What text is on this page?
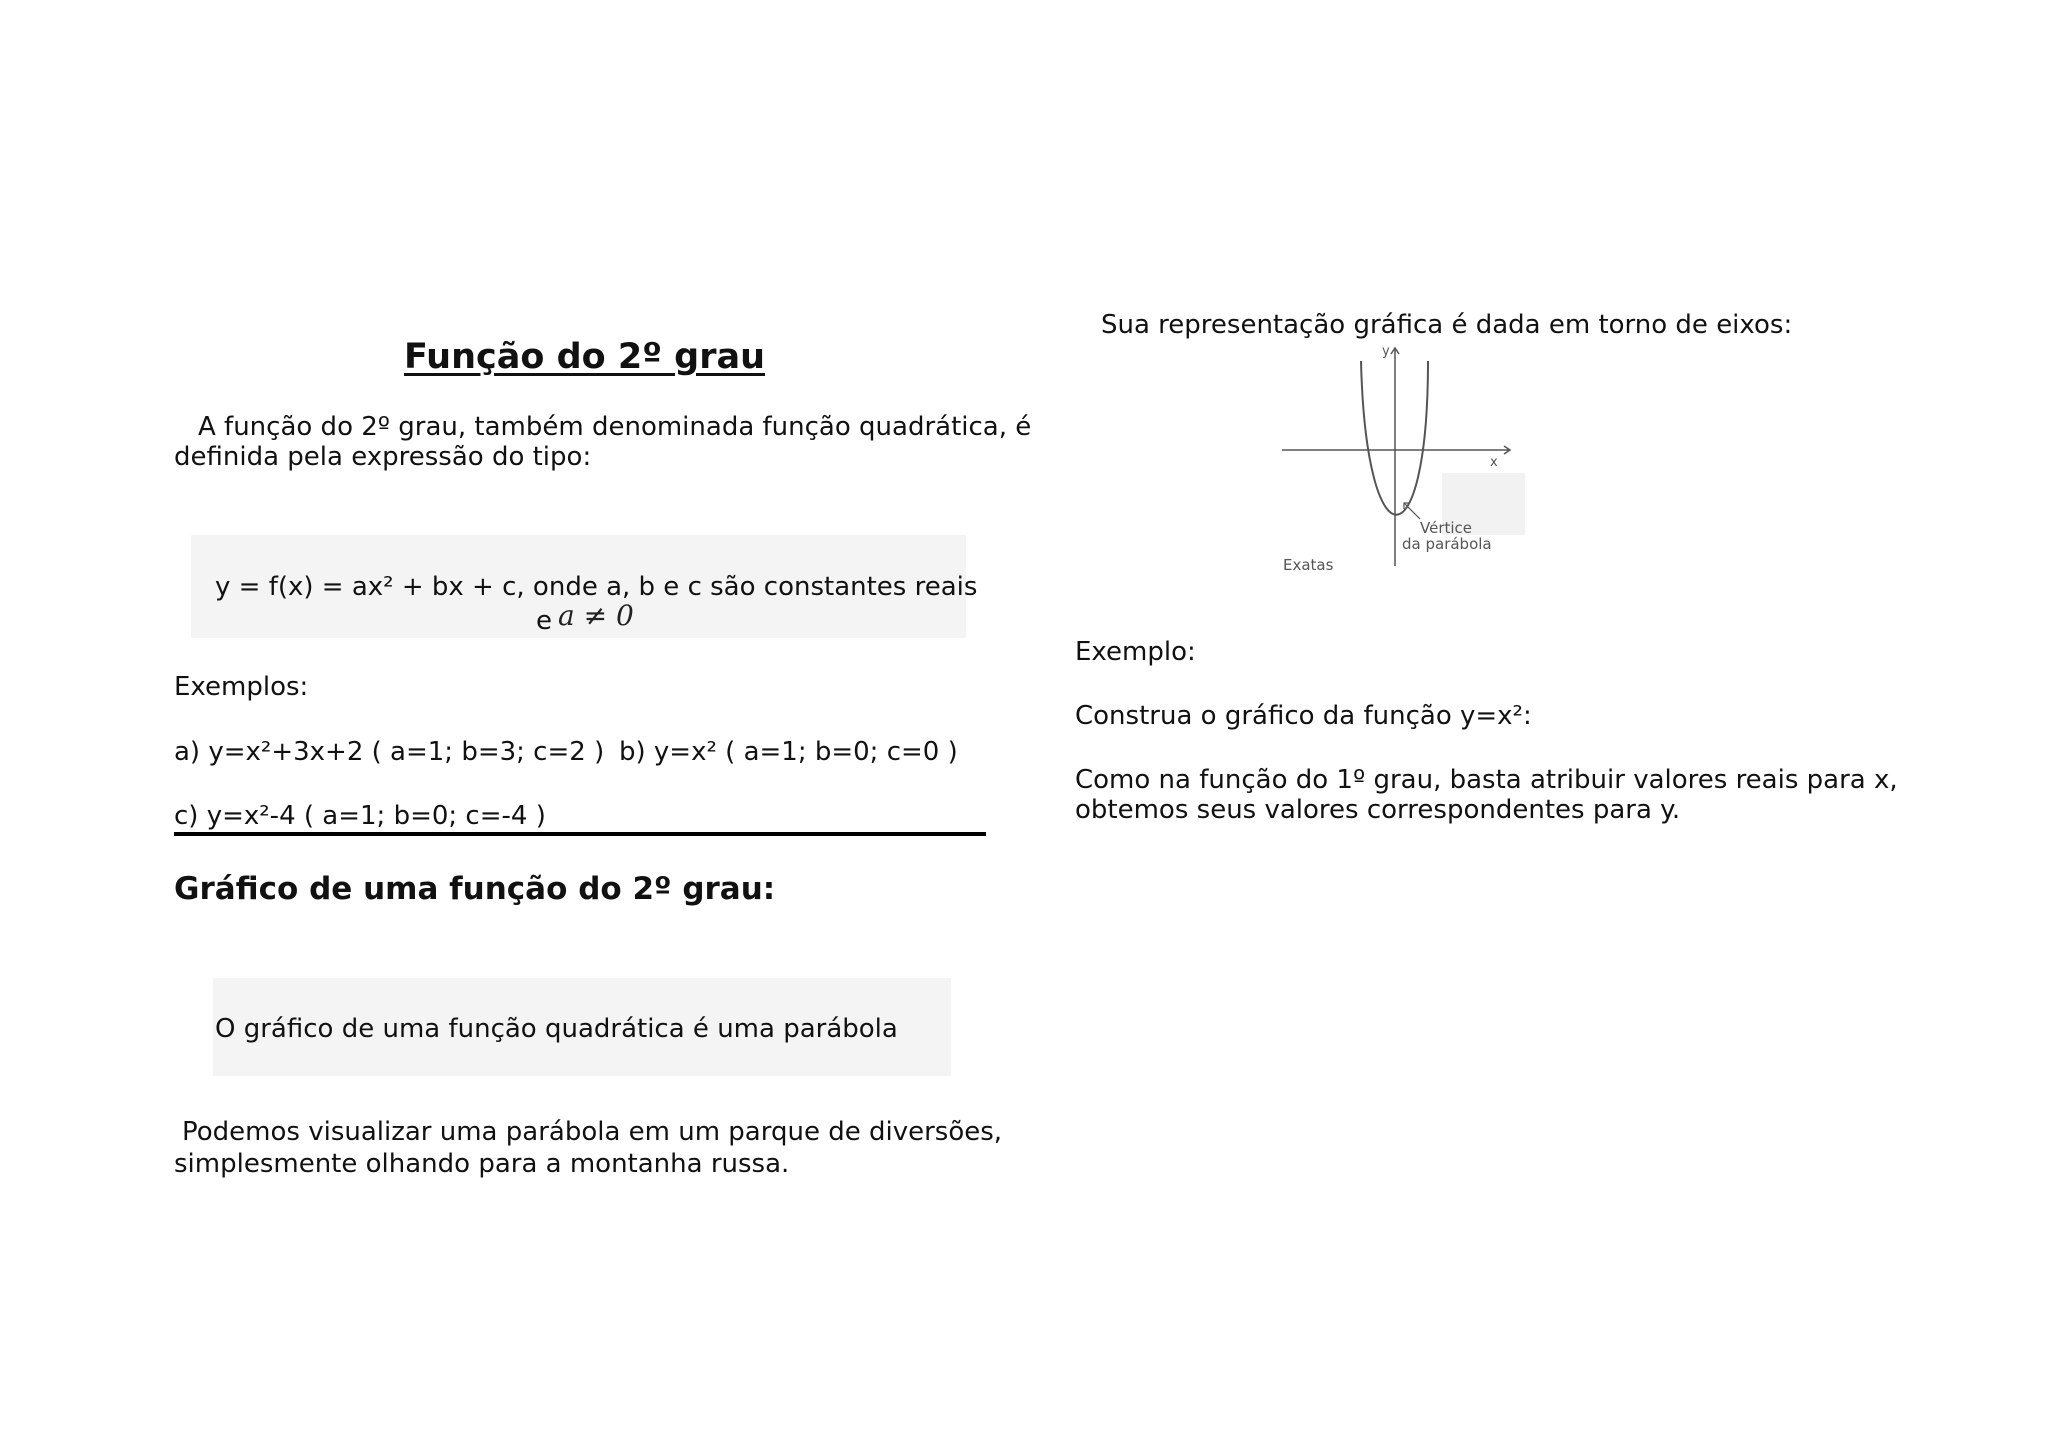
Função do 2º grau
A função do 2º grau, também denominada função quadrática, é
definida pela expressão do tipo:
y = f(x) = ax² + bx + c, onde a, b e c são constantes reais
e a ≠ 0
Exemplos:
a) y=x²+3x+2 ( a=1; b=3; c=2 ) b) y=x² ( a=1; b=0; c=0 )
c) y=x²-4 ( a=1; b=0; c=-4 )
Gráfico de uma função do 2º grau:
O gráfico de uma função quadrática é uma parábola
Podemos visualizar uma parábola em um parque de diversões,
simplesmente olhando para a montanha russa.
Sua representação gráfica é dada em torno de eixos:
y
x
Vértice
da parábola
Exatas
Exemplo:
Construa o gráfico da função y=x²:
Como na função do 1º grau, basta atribuir valores reais para x,
obtemos seus valores correspondentes para y.
